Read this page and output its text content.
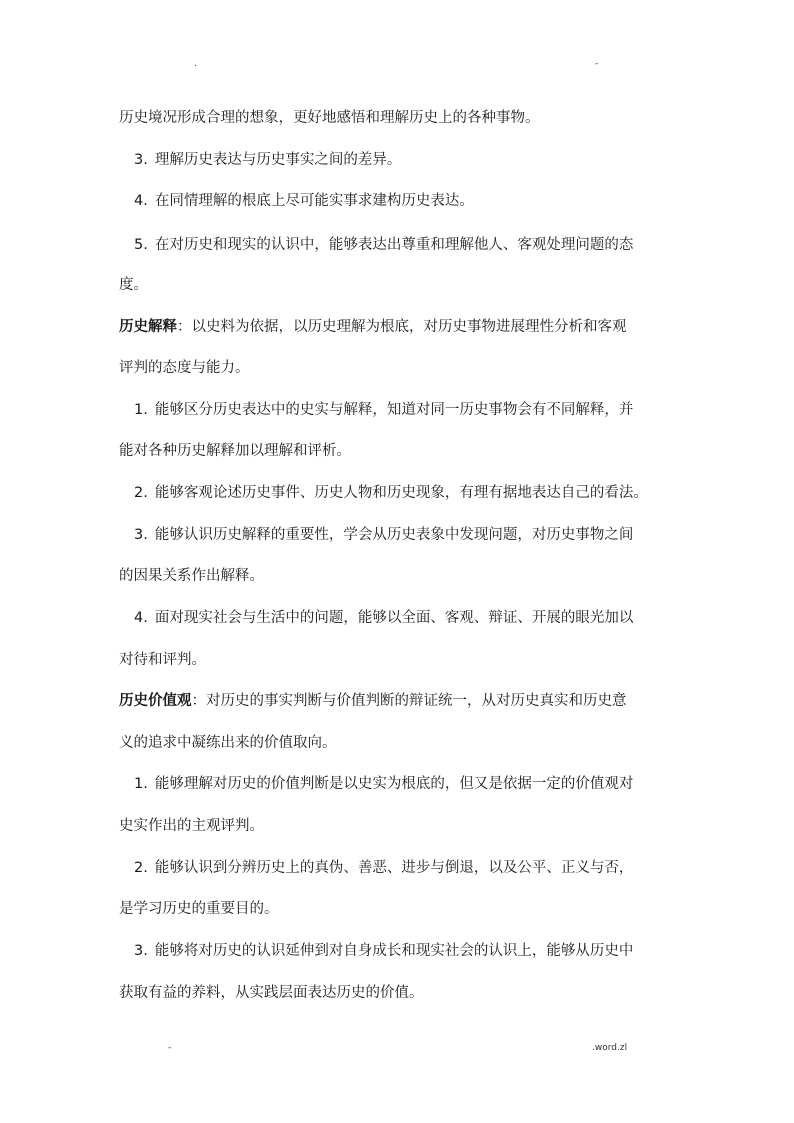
.	-
历史境况形成合理的想象，更好地感悟和理解历史上的各种事物。
3. 理解历史表达与历史事实之间的差异。
4. 在同情理解的根底上尽可能实事求建构历史表达。
5. 在对历史和现实的认识中，能够表达出尊重和理解他人、客观处理问题的态
度。
历史解释：以史料为依据，以历史理解为根底，对历史事物进展理性分析和客观
评判的态度与能力。
1. 能够区分历史表达中的史实与解释，知道对同一历史事物会有不同解释，并
能对各种历史解释加以理解和评析。
2. 能够客观论述历史事件、历史人物和历史现象，有理有据地表达自己的看法。
3. 能够认识历史解释的重要性，学会从历史表象中发现问题，对历史事物之间
的因果关系作出解释。
4. 面对现实社会与生活中的问题，能够以全面、客观、辩证、开展的眼光加以
对待和评判。
历史价值观：对历史的事实判断与价值判断的辩证统一，从对历史真实和历史意
义的追求中凝练出来的价值取向。
1. 能够理解对历史的价值判断是以史实为根底的，但又是依据一定的价值观对
史实作出的主观评判。
2. 能够认识到分辨历史上的真伪、善恶、进步与倒退，以及公平、正义与否，
是学习历史的重要目的。
3. 能够将对历史的认识延伸到对自身成长和现实社会的认识上，能够从历史中
获取有益的养料，从实践层面表达历史的价值。
-	.word.zl
